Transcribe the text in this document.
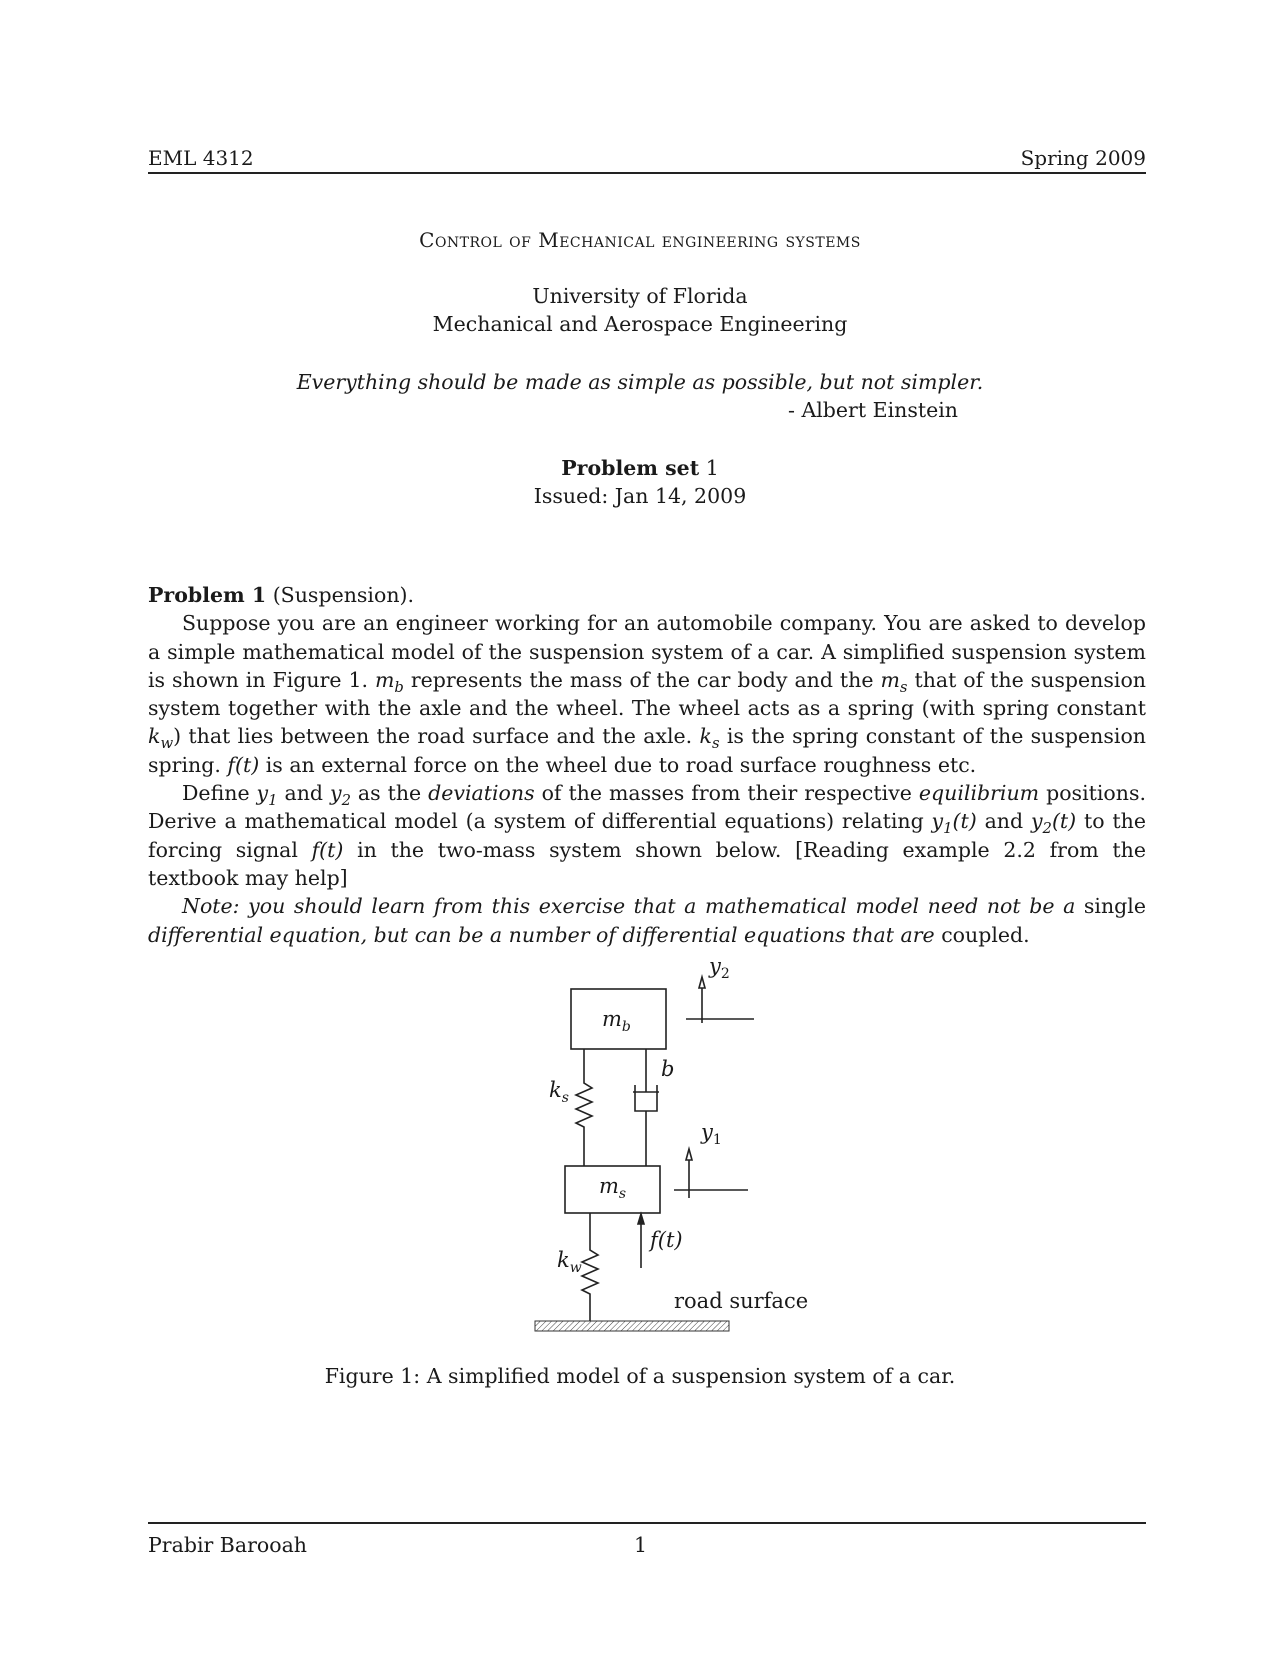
EML 4312	Spring 2009
Control of Mechanical engineering systems
University of Florida
Mechanical and Aerospace Engineering
Everything should be made as simple as possible, but not simpler.
- Albert Einstein
Problem set 1
Issued: Jan 14, 2009
Problem 1 (Suspension).
Suppose you are an engineer working for an automobile company. You are asked to develop a simple mathematical model of the suspension system of a car. A simplified suspension system is shown in Figure 1. $m_b$ represents the mass of the car body and the $m_s$ that of the suspension system together with the axle and the wheel. The wheel acts as a spring (with spring constant $k_w$) that lies between the road surface and the axle. $k_s$ is the spring constant of the suspension spring. f(t) is an external force on the wheel due to road surface roughness etc.
Define $y_1$ and $y_2$ as the deviations of the masses from their respective equilibrium positions. Derive a mathematical model (a system of differential equations) relating $y_1(t)$ and $y_2(t)$ to the forcing signal f(t) in the two-mass system shown below. [Reading example 2.2 from the textbook may help]
Note: you should learn from this exercise that a mathematical model need not be a single differential equation, but can be a number of differential equations that are coupled.
$m_b$
$m_s$
$k_s$
$k_w$
b
$y_2$
$y_1$
f(t)
road surface
Figure 1: A simplified model of a suspension system of a car.
Prabir Barooah	1
